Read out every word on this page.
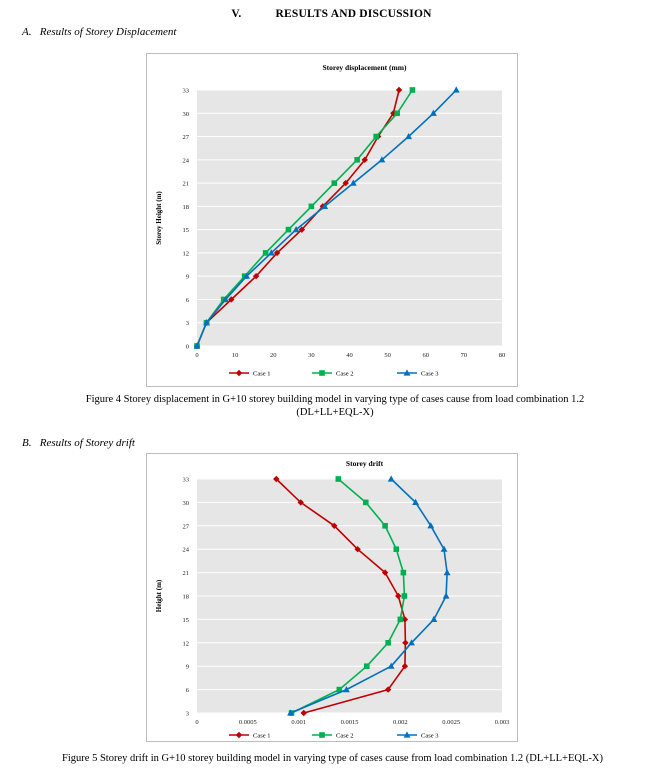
V.	RESULTS AND DISCUSSION
A. Results of Storey Displacement
0
3
6
9
12
15
18
21
24
27
30
33
0	10	20	30	40	50	60	70	80
Storey displacement (mm)
Storey Height (m)
Case 1	Case 2	Case 3
Figure 4 Storey displacement in G+10 storey building model in varying type of cases cause from load combination 1.2
(DL+LL+EQL-X)
B. Results of Storey drift
3
6
9
12
15
18
21
24
27
30
33
0	0.0005	0.001	0.0015	0.002	0.0025	0.003
Storey drift
Height (m)
Case 1	Case 2	Case 3
Figure 5 Storey drift in G+10 storey building model in varying type of cases cause from load combination 1.2 (DL+LL+EQL-X)
